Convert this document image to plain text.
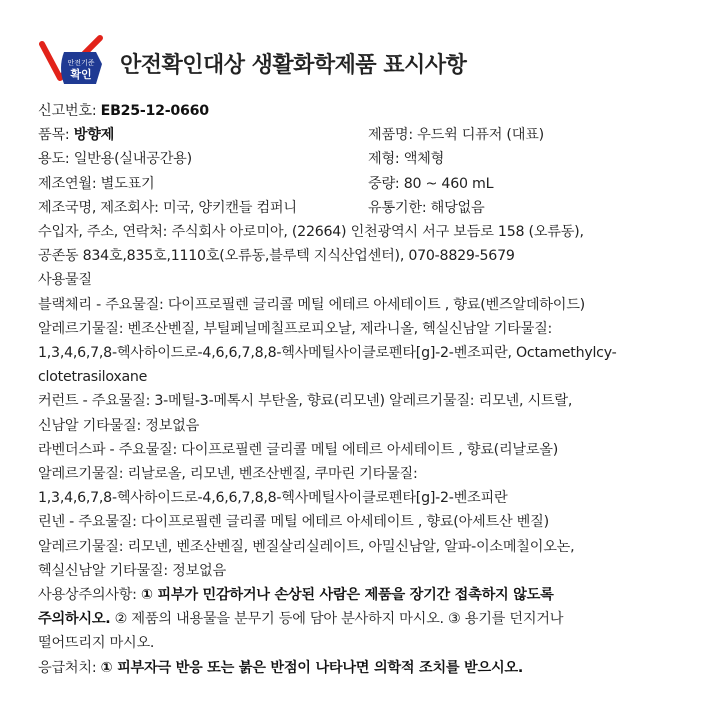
안전기준
확인 안전확인대상 생활화학제품 표시사항
신고번호: EB25-12-0660
품목: 방향제	제품명: 우드윅 디퓨저 (대표)
용도: 일반용(실내공간용)	제형: 액체형
제조연월: 별도표기	중량: 80 ~ 460 mL
제조국명, 제조회사: 미국, 양키캔들 컴퍼니	유통기한: 해당없음
수입자, 주소, 연락처: 주식회사 아로미아, (22664) 인천광역시 서구 보듬로 158 (오류동),
공존동 834호,835호,1110호(오류동,블루텍 지식산업센터), 070-8829-5679
사용물질
블랙체리 - 주요물질: 다이프로필렌 글리콜 메틸 에테르 아세테이트 , 향료(벤즈알데하이드)
알레르기물질: 벤조산벤질, 부틸페닐메칠프로피오날, 제라니올, 헥실신남알 기타물질:
1,3,4,6,7,8-헥사하이드로-4,6,6,7,8,8-헥사메틸사이클로펜타[g]-2-벤조피란, Octamethylcy-
clotetrasiloxane
커런트 - 주요물질: 3-메틸-3-메톡시 부탄올, 향료(리모넨) 알레르기물질: 리모넨, 시트랄,
신남알 기타물질: 정보없음
라벤더스파 - 주요물질: 다이프로필렌 글리콜 메틸 에테르 아세테이트 , 향료(리날로올)
알레르기물질: 리날로올, 리모넨, 벤조산벤질, 쿠마린 기타물질:
1,3,4,6,7,8-헥사하이드로-4,6,6,7,8,8-헥사메틸사이클로펜타[g]-2-벤조피란
린넨 - 주요물질: 다이프로필렌 글리콜 메틸 에테르 아세테이트 , 향료(아세트산 벤질)
알레르기물질: 리모넨, 벤조산벤질, 벤질살리실레이트, 아밀신남알, 알파-이소메칠이오논,
헥실신남알 기타물질: 정보없음
사용상주의사항: ① 피부가 민감하거나 손상된 사람은 제품을 장기간 접촉하지 않도록
주의하시오. ② 제품의 내용물을 분무기 등에 담아 분사하지 마시오. ③ 용기를 던지거나
떨어뜨리지 마시오.
응급처치: ① 피부자극 반응 또는 붉은 반점이 나타나면 의학적 조치를 받으시오.
